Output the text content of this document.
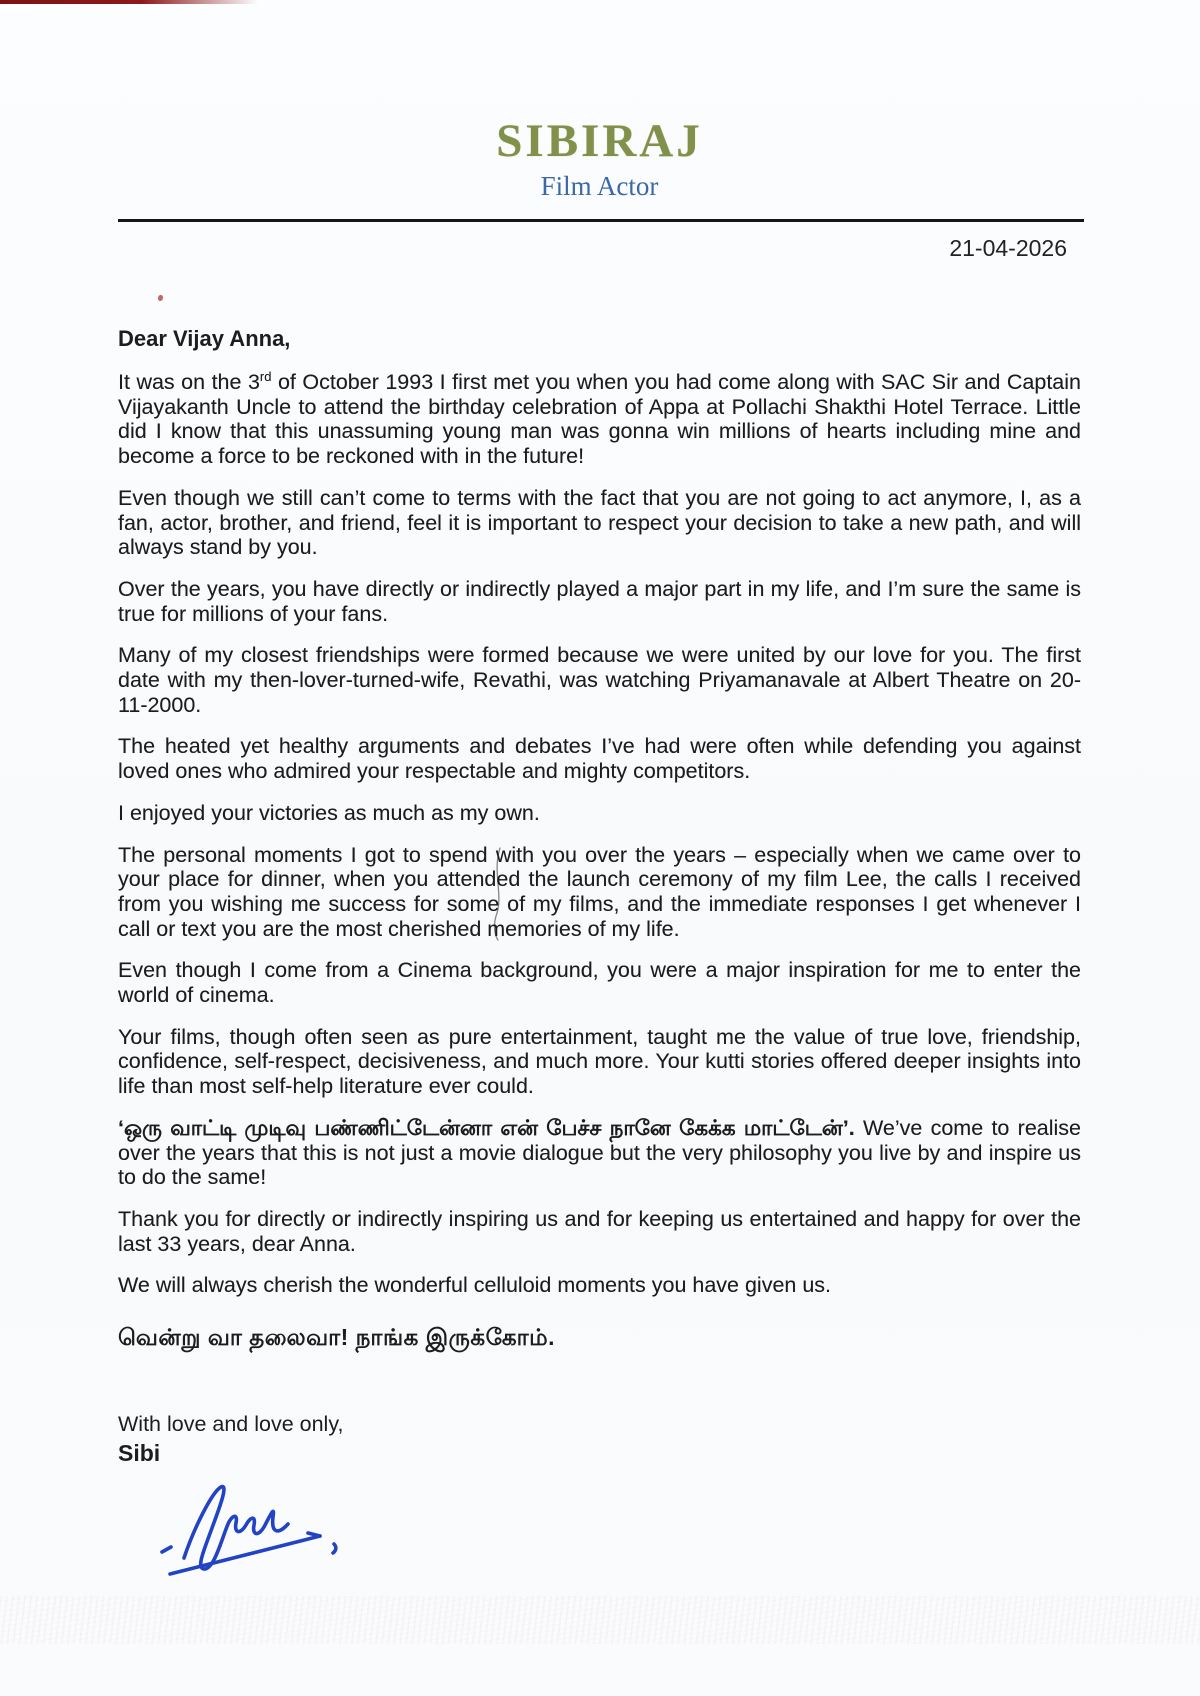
SIBIRAJ
Film Actor
21-04-2026
Dear Vijay Anna,

It was on the 3rd of October 1993 I first met you when you had come along with SAC Sir and Captain Vijayakanth Uncle to attend the birthday celebration of Appa at Pollachi Shakthi Hotel Terrace. Little did I know that this unassuming young man was gonna win millions of hearts including mine and become a force to be reckoned with in the future!

Even though we still can’t come to terms with the fact that you are not going to act anymore, I, as a fan, actor, brother, and friend, feel it is important to respect your decision to take a new path, and will always stand by you.

Over the years, you have directly or indirectly played a major part in my life, and I’m sure the same is true for millions of your fans.

Many of my closest friendships were formed because we were united by our love for you. The first date with my then-lover-turned-wife, Revathi, was watching Priyamanavale at Albert Theatre on 20-11-2000.

The heated yet healthy arguments and debates I’ve had were often while defending you against loved ones who admired your respectable and mighty competitors.

I enjoyed your victories as much as my own.

The personal moments I got to spend with you over the years – especially when we came over to your place for dinner, when you attended the launch ceremony of my film Lee, the calls I received from you wishing me success for some of my films, and the immediate responses I get whenever I call or text you are the most cherished memories of my life.

Even though I come from a Cinema background, you were a major inspiration for me to enter the world of cinema.

Your films, though often seen as pure entertainment, taught me the value of true love, friendship, confidence, self-respect, decisiveness, and much more. Your kutti stories offered deeper insights into life than most self-help literature ever could.

‘ஒரு வாட்டி முடிவு பண்ணிட்டேன்னா என் பேச்ச நானே கேக்க மாட்டேன்’. We’ve come to realise over the years that this is not just a movie dialogue but the very philosophy you live by and inspire us to do the same!

Thank you for directly or indirectly inspiring us and for keeping us entertained and happy for over the last 33 years, dear Anna.

We will always cherish the wonderful celluloid moments you have given us.

வென்று வா தலைவா! நாங்க இருக்கோம்.
With love and love only,
Sibi
